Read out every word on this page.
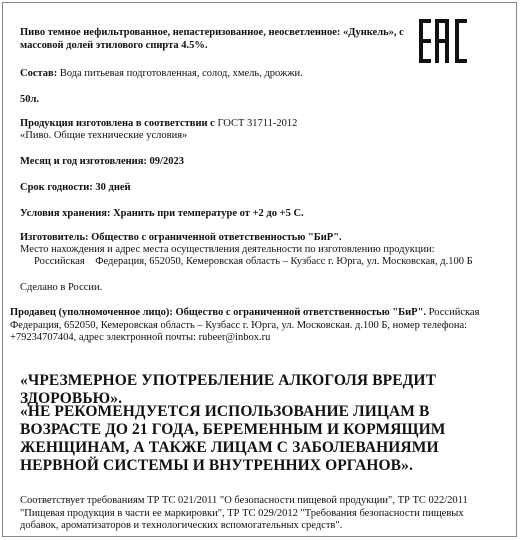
Пиво темное нефильтрованное, непастеризованное, неосветленное: «Дункель», с массовой долей этилового спирта 4.5%.
Состав: Вода питьевая подготовленная, солод, хмель, дрожжи.
50л.
Продукция изготовлена в соответствии с ГОСТ 31711-2012
«Пиво. Общие технические условия»
Месяц и год изготовления: 09/2023
Срок годности: 30 дней
Условия хранения: Хранить при температуре от +2 до +5 С.
Изготовитель: Общество с ограниченной ответственностью "БиР".
Место нахождения и адрес места осуществления деятельности по изготовлению продукции:
Российская    Федерация, 652050, Кемеровская область – Кузбасс г. Юрга, ул. Московская, д.100 Б
Сделано в России.
Продавец (уполномоченное лицо): Общество с ограниченной ответственностью "БиР". Российская Федерация, 652050, Кемеровская область – Кузбасс г. Юрга, ул. Московская. д.100 Б, номер телефона: +79234707404, адрес электронной почты: rubeer@inbox.ru
«ЧРЕЗМЕРНОЕ УПОТРЕБЛЕНИЕ АЛКОГОЛЯ ВРЕДИТ ЗДОРОВЬЮ».
«НЕ РЕКОМЕНДУЕТСЯ ИСПОЛЬЗОВАНИЕ ЛИЦАМ В ВОЗРАСТЕ ДО 21 ГОДА, БЕРЕМЕННЫМ И КОРМЯЩИМ ЖЕНЩИНАМ, А ТАКЖЕ ЛИЦАМ С ЗАБОЛЕВАНИЯМИ НЕРВНОЙ СИСТЕМЫ И ВНУТРЕННИХ ОРГАНОВ».
Соответствует требованиям ТР ТС 021/2011 "О безопасности пищевой продукции", ТР ТС 022/2011 "Пищевая продукция в части ее маркировки", ТР ТС 029/2012 "Требования безопасности пищевых добавок, ароматизаторов и технологических вспомогательных средств".
